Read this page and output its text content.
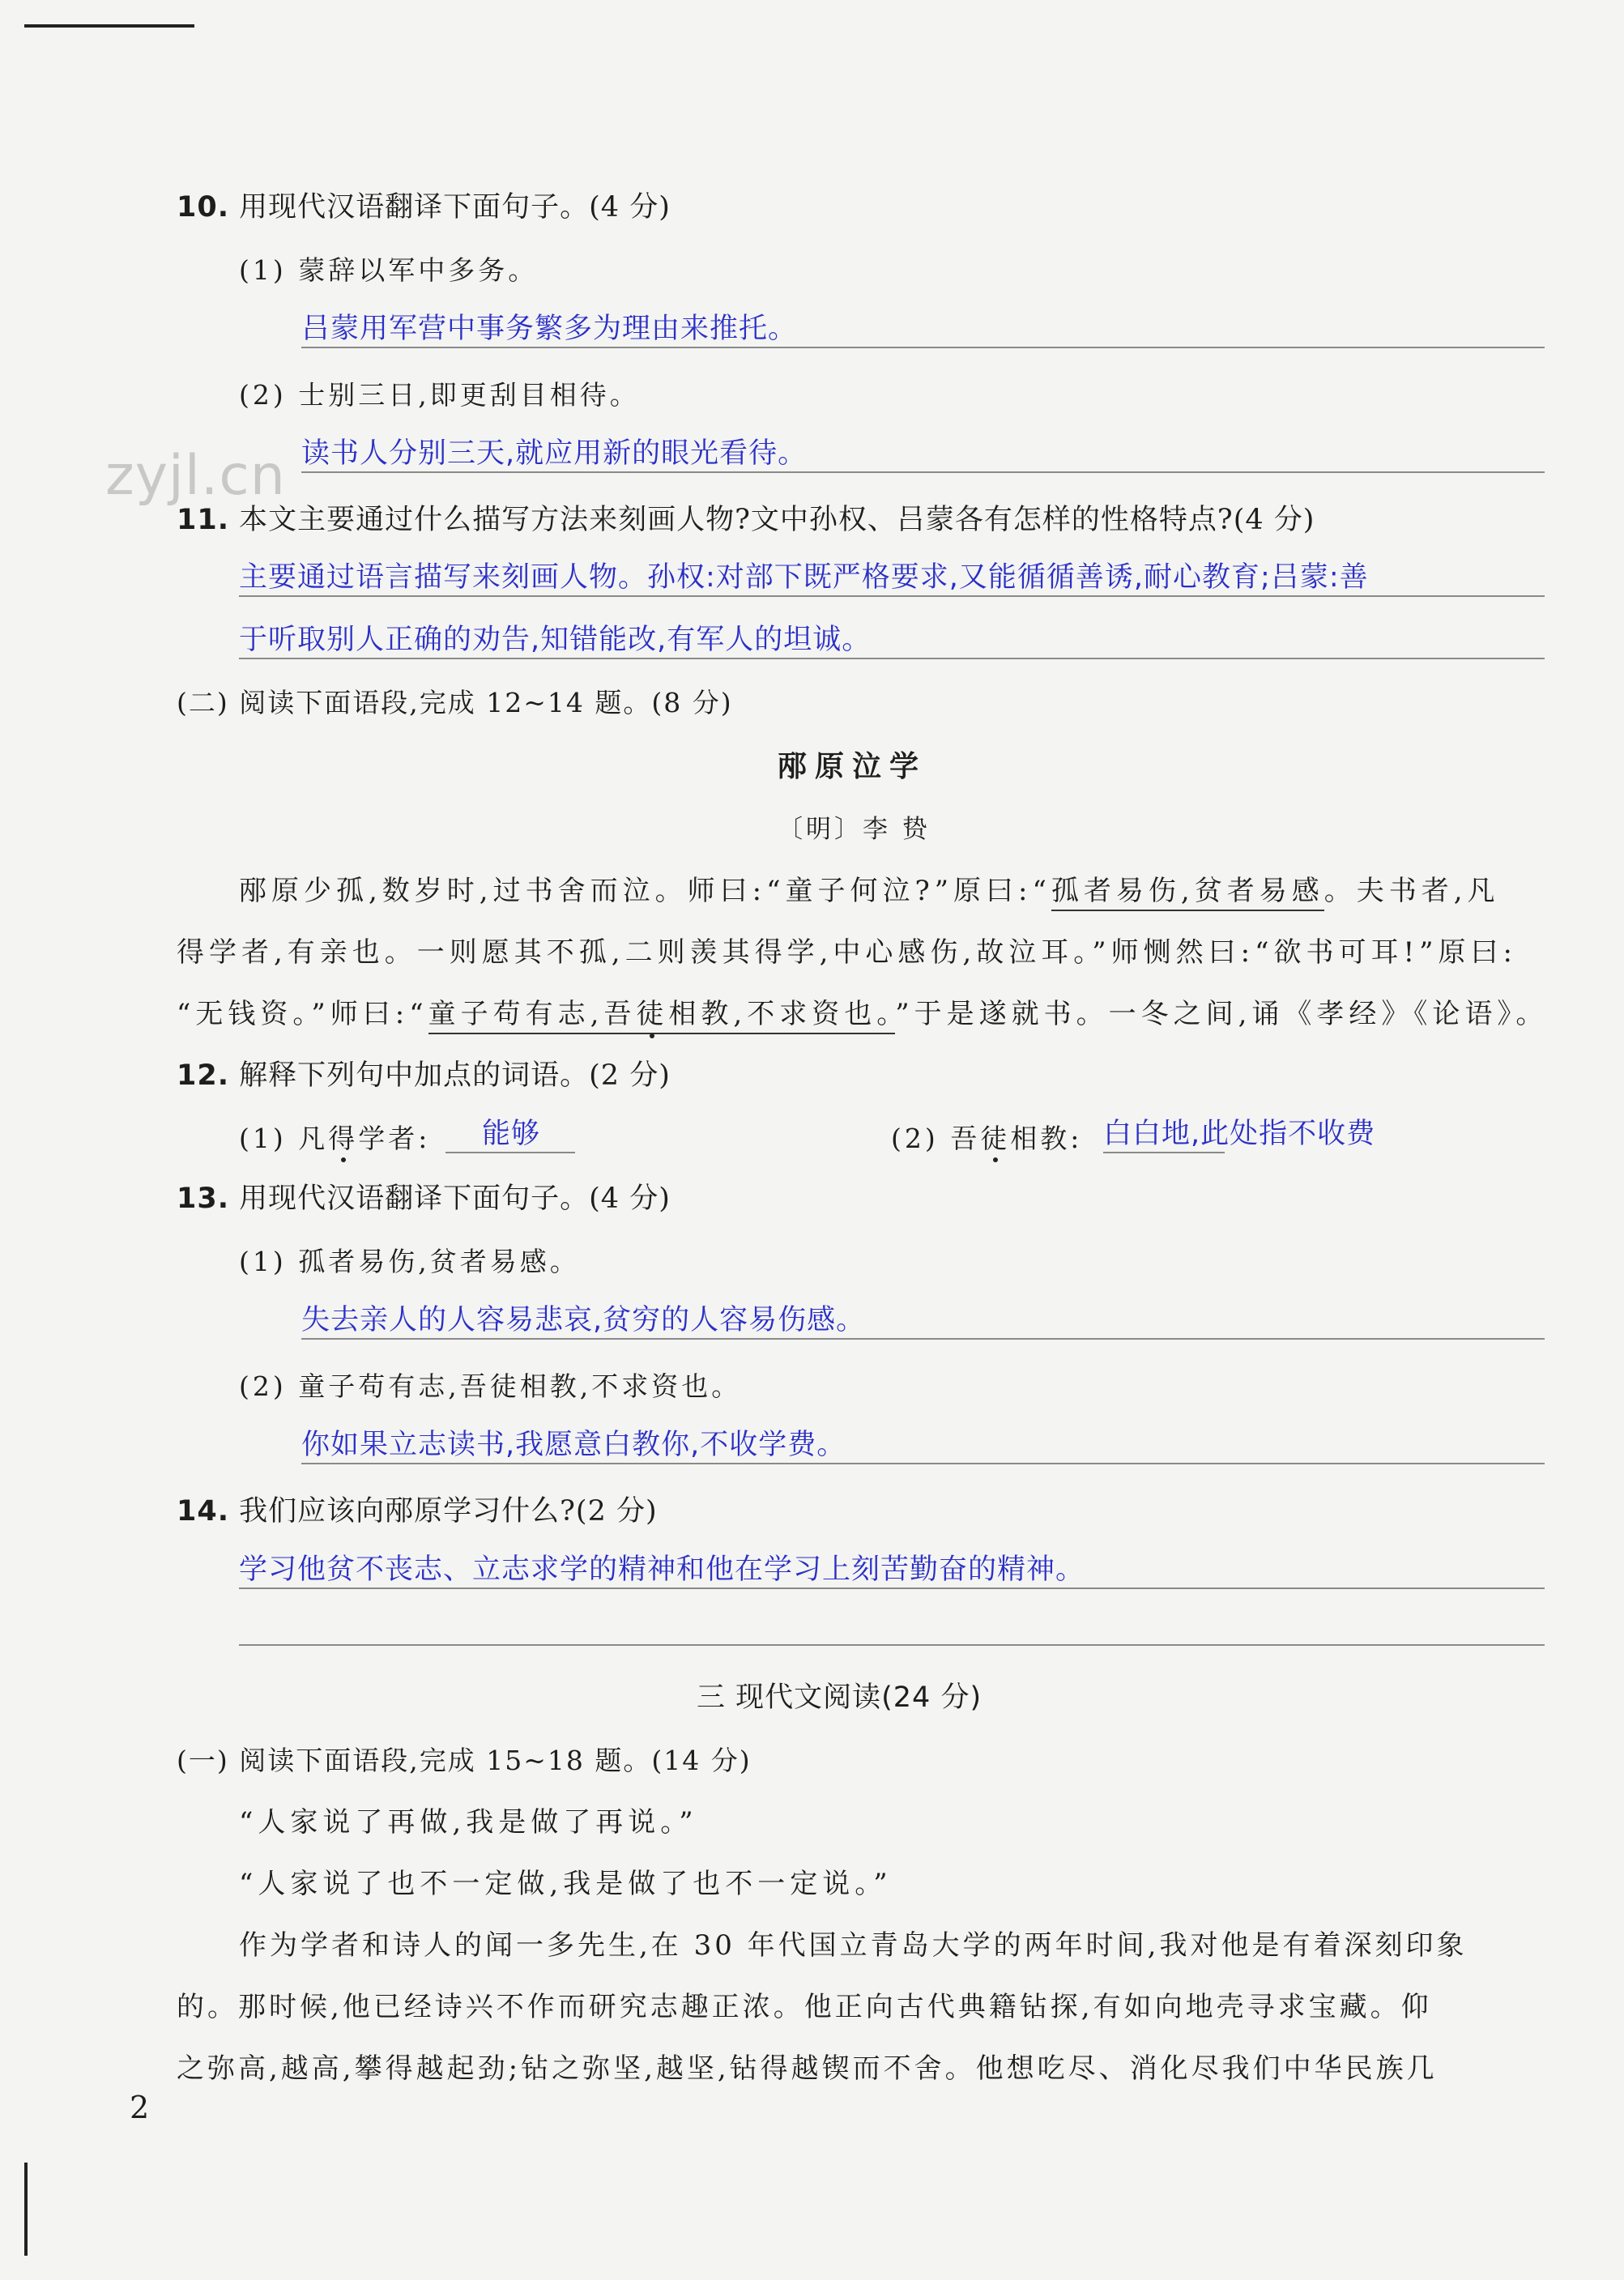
zyjl.cn
10. 用现代汉语翻译下面句子。(4 分)
(1) 蒙辞以军中多务。
吕蒙用军营中事务繁多为理由来推托。
(2) 士别三日,即更刮目相待。
读书人分别三天,就应用新的眼光看待。
11. 本文主要通过什么描写方法来刻画人物?文中孙权、吕蒙各有怎样的性格特点?(4 分)
主要通过语言描写来刻画人物。孙权:对部下既严格要求,又能循循善诱,耐心教育;吕蒙:善
于听取别人正确的劝告,知错能改,有军人的坦诚。
(二) 阅读下面语段,完成 12~14 题。(8 分)
邴原泣学
〔明〕李 贽
邴原少孤,数岁时,过书舍而泣。师曰:“童子何泣?”原曰:“孤者易伤,贫者易感。夫书者,凡
得学者,有亲也。一则愿其不孤,二则羡其得学,中心感伤,故泣耳。”师恻然曰:“欲书可耳!”原曰:
“无钱资。”师曰:“童子苟有志,吾徒相教,不求资也。”于是遂就书。一冬之间,诵《孝经》《论语》。
12. 解释下列句中加点的词语。(2 分)
(1) 凡得学者: 能够	(2) 吾徒相教: 白白地,此处指不收费
13. 用现代汉语翻译下面句子。(4 分)
(1) 孤者易伤,贫者易感。
失去亲人的人容易悲哀,贫穷的人容易伤感。
(2) 童子苟有志,吾徒相教,不求资也。
你如果立志读书,我愿意白教你,不收学费。
14. 我们应该向邴原学习什么?(2 分)
学习他贫不丧志、立志求学的精神和他在学习上刻苦勤奋的精神。
三 现代文阅读(24 分)
(一) 阅读下面语段,完成 15~18 题。(14 分)
“人家说了再做,我是做了再说。”
“人家说了也不一定做,我是做了也不一定说。”
作为学者和诗人的闻一多先生,在 30 年代国立青岛大学的两年时间,我对他是有着深刻印象
的。那时候,他已经诗兴不作而研究志趣正浓。他正向古代典籍钻探,有如向地壳寻求宝藏。仰
之弥高,越高,攀得越起劲;钻之弥坚,越坚,钻得越锲而不舍。他想吃尽、消化尽我们中华民族几
2
